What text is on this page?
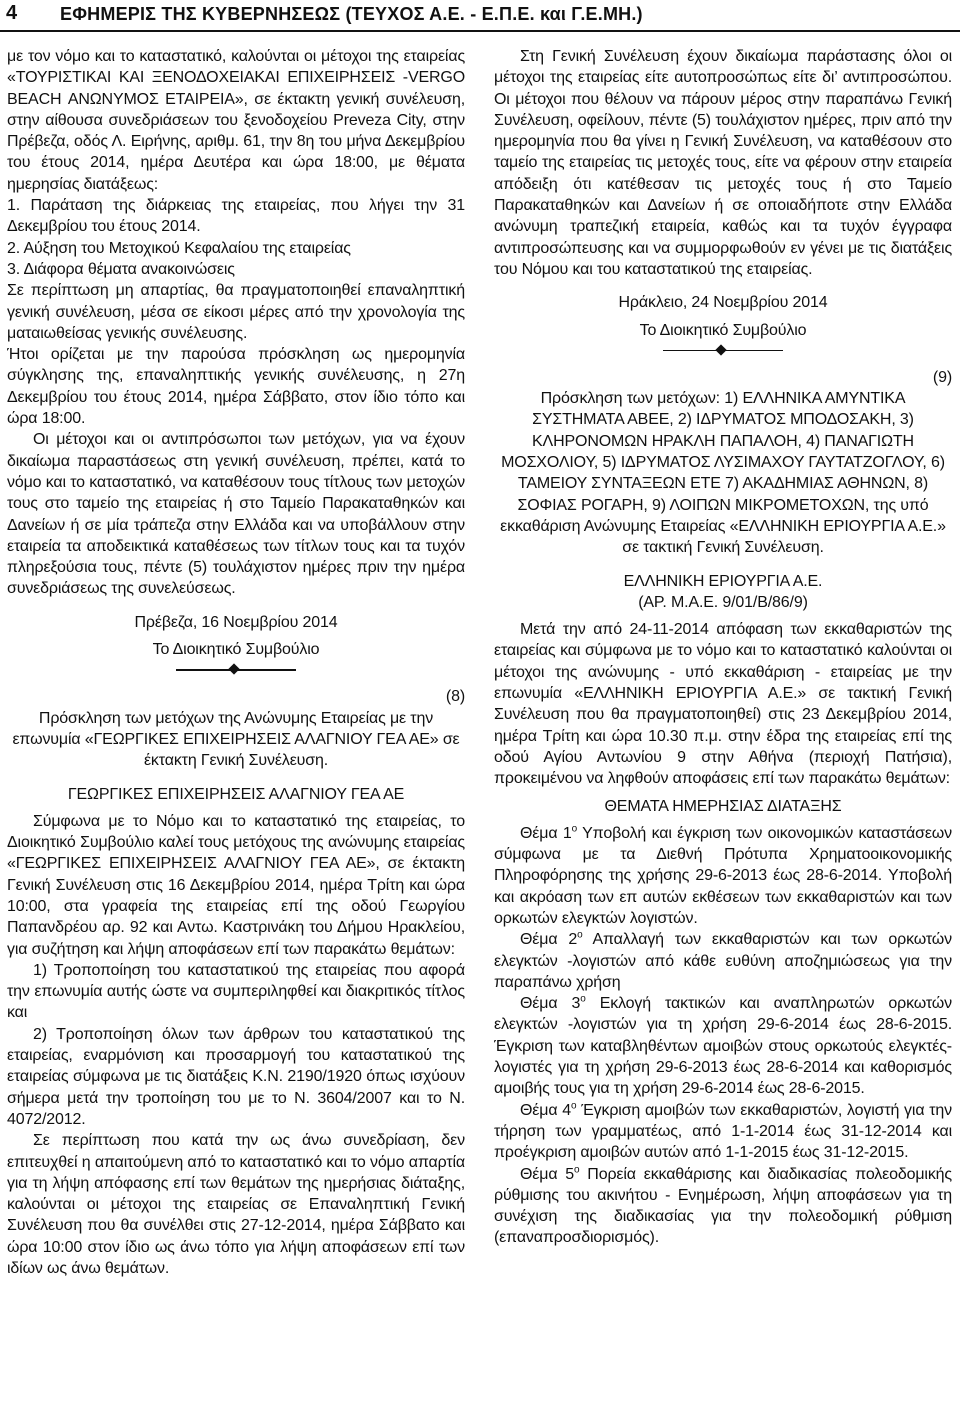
4 ΕΦΗΜΕΡΙΣ ΤΗΣ ΚΥΒΕΡΝΗΣΕΩΣ (ΤΕΥΧΟΣ Α.Ε. - Ε.Π.Ε. και Γ.Ε.ΜΗ.)

με τον νόμο και το καταστατικό, καλούνται οι μέτοχοι της εταιρείας «ΤΟΥΡΙΣΤΙΚΑΙ ΚΑΙ ΞΕΝΟΔΟΧΕΙΑΚΑΙ ΕΠΙΧΕΙΡΗΣΕΙΣ -VERGO BEACH ΑΝΩΝΥΜΟΣ ΕΤΑΙΡΕΙΑ», σε έκτακτη γενική συνέλευση, στην αίθουσα συνεδριάσεων του ξενοδοχείου Preveza City, στην Πρέβεζα, οδός Λ. Ειρήνης, αριθμ. 61, την 8η του μήνα Δεκεμβρίου του έτους 2014, ημέρα Δευτέρα και ώρα 18:00, με θέματα ημερησίας διατάξεως:

1. Παράταση της διάρκειας της εταιρείας, που λήγει την 31 Δεκεμβρίου του έτους 2014.

2. Αύξηση του Μετοχικού Κεφαλαίου της εταιρείας

3. Διάφορα θέματα ανακοινώσεις

Σε περίπτωση μη απαρτίας, θα πραγματοποιηθεί επαναληπτική γενική συνέλευση, μέσα σε είκοσι μέρες από την χρονολογία της ματαιωθείσας γενικής συνέλευσης.

Ήτοι ορίζεται με την παρούσα πρόσκληση ως ημερομηνία σύγκλησης της, επαναληπτικής γενικής συνέλευσης, η 27η Δεκεμβρίου του έτους 2014, ημέρα Σάββατο, στον ίδιο τόπο και ώρα 18:00.

Οι μέτοχοι και οι αντιπρόσωποι των μετόχων, για να έχουν δικαίωμα παραστάσεως στη γενική συνέλευση, πρέπει, κατά το νόμο και το καταστατικό, να καταθέσουν τους τίτλους των μετοχών τους στο ταμείο της εταιρείας ή στο Ταμείο Παρακαταθηκών και Δανείων ή σε μία τράπεζα στην Ελλάδα και να υποβάλλουν στην εταιρεία τα αποδεικτικά καταθέσεως των τίτλων τους και τα τυχόν πληρεξούσια τους, πέντε (5) τουλάχιστον ημέρες πριν την ημέρα συνεδριάσεως της συνελεύσεως.

Πρέβεζα, 16 Νοεμβρίου 2014

Το Διοικητικό Συμβούλιο

(8)

Πρόσκληση των μετόχων της Ανώνυμης Εταιρείας με την επωνυμία «ΓΕΩΡΓΙΚΕΣ ΕΠΙΧΕΙΡΗΣΕΙΣ ΑΛΑΓΝΙΟΥ ΓΕΑ ΑΕ» σε έκτακτη Γενική Συνέλευση.

ΓΕΩΡΓΙΚΕΣ ΕΠΙΧΕΙΡΗΣΕΙΣ ΑΛΑΓΝΙΟΥ ΓΕΑ ΑΕ

Σύμφωνα με το Νόμο και το καταστατικό της εταιρείας, το Διοικητικό Συμβούλιο καλεί τους μετόχους της ανώνυμης εταιρείας «ΓΕΩΡΓΙΚΕΣ ΕΠΙΧΕΙΡΗΣΕΙΣ ΑΛΑΓΝΙΟΥ ΓΕΑ ΑΕ», σε έκτακτη Γενική Συνέλευση στις 16 Δεκεμβρίου 2014, ημέρα Τρίτη και ώρα 10:00, στα γραφεία της εταιρείας επί της οδού Γεωργίου Παπανδρέου αρ. 92 και Αντω. Καστρινάκη του Δήμου Ηρακλείου, για συζήτηση και λήψη αποφάσεων επί των παρακάτω θεμάτων:

1) Τροποποίηση του καταστατικού της εταιρείας που αφορά την επωνυμία αυτής ώστε να συμπεριληφθεί και διακριτικός τίτλος και

2) Τροποποίηση όλων των άρθρων του καταστατικού της εταιρείας, εναρμόνιση και προσαρμογή του καταστατικού της εταιρείας σύμφωνα με τις διατάξεις Κ.Ν. 2190/1920 όπως ισχύουν σήμερα μετά την τροποίηση του με το Ν. 3604/2007 και το Ν. 4072/2012.

Σε περίπτωση που κατά την ως άνω συνεδρίαση, δεν επιτευχθεί η απαιτούμενη από το καταστατικό και το νόμο απαρτία για τη λήψη απόφασης επί των θεμάτων της ημερήσιας διάταξης, καλούνται οι μέτοχοι της εταιρείας σε Επαναληπτική Γενική Συνέλευση που θα συνέλθει στις 27-12-2014, ημέρα Σάββατο και ώρα 10:00 στον ίδιο ως άνω τόπο για λήψη αποφάσεων επί των ιδίων ως άνω θεμάτων.

Στη Γενική Συνέλευση έχουν δικαίωμα παράστασης όλοι οι μέτοχοι της εταιρείας είτε αυτοπροσώπως είτε δι’ αντιπροσώπου. Οι μέτοχοι που θέλουν να πάρουν μέρος στην παραπάνω Γενική Συνέλευση, οφείλουν, πέντε (5) τουλάχιστον ημέρες, πριν από την ημερομηνία που θα γίνει η Γενική Συνέλευση, να καταθέσουν στο ταμείο της εταιρείας τις μετοχές τους, είτε να φέρουν στην εταιρεία απόδειξη ότι κατέθεσαν τις μετοχές τους ή στο Ταμείο Παρακαταθηκών και Δανείων ή σε οποιαδήποτε στην Ελλάδα ανώνυμη τραπεζική εταιρεία, καθώς και τα τυχόν έγγραφα αντιπροσώπευσης και να συμμορφωθούν εν γένει με τις διατάξεις του Νόμου και του καταστατικού της εταιρείας.

Ηράκλειο, 24 Νοεμβρίου 2014

Το Διοικητικό Συμβούλιο

(9)

Πρόσκληση των μετόχων: 1) ΕΛΛΗΝΙΚΑ ΑΜΥΝΤΙΚΑ ΣΥΣΤΗΜΑΤΑ ΑΒΕΕ, 2) ΙΔΡΥΜΑΤΟΣ ΜΠΟΔΟΣΑΚΗ, 3) ΚΛΗΡΟΝΟΜΩΝ ΗΡΑΚΛΗ ΠΑΠΑΛΟΗ, 4) ΠΑΝΑΓΙΩΤΗ ΜΟΣΧΟΛΙΟΥ, 5) ΙΔΡΥΜΑΤΟΣ ΛΥΣΙΜΑΧΟΥ ΓΑΥΤΑΤΖΟΓΛΟΥ, 6) ΤΑΜΕΙΟΥ ΣΥΝΤΑΞΕΩΝ ΕΤΕ 7) ΑΚΑΔΗΜΙΑΣ ΑΘΗΝΩΝ, 8) ΣΟΦΙΑΣ ΡΟΓΑΡΗ, 9) ΛΟΙΠΩΝ ΜΙΚΡΟΜΕΤΟΧΩΝ, της υπό εκκαθάριση Ανώνυμης Εταιρείας «ΕΛΛΗΝΙΚΗ ΕΡΙΟΥΡΓΙΑ Α.Ε.» σε τακτική Γενική Συνέλευση.

ΕΛΛΗΝΙΚΗ ΕΡΙΟΥΡΓΙΑ Α.Ε.

(ΑΡ. Μ.Α.Ε. 9/01/Β/86/9)

Μετά την από 24-11-2014 απόφαση των εκκαθαριστών της εταιρείας και σύμφωνα με το νόμο και το καταστατικό καλούνται οι μέτοχοι της ανώνυμης - υπό εκκαθάριση - εταιρείας με την επωνυμία «ΕΛΛΗΝΙΚΗ ΕΡΙΟΥΡΓΙΑ Α.Ε.» σε τακτική Γενική Συνέλευση που θα πραγματοποιηθεί) στις 23 Δεκεμβρίου 2014, ημέρα Τρίτη και ώρα 10.30 π.μ. στην έδρα της εταιρείας επί της οδού Αγίου Αντωνίου 9 στην Αθήνα (περιοχή Πατήσια), προκειμένου να ληφθούν αποφάσεις επί των παρακάτω θεμάτων:

ΘΕΜΑΤΑ ΗΜΕΡΗΣΙΑΣ ΔΙΑΤΑΞΗΣ

Θέμα $1^o$ Υποβολή και έγκριση των οικονομικών καταστάσεων σύμφωνα με τα Διεθνή Πρότυπα Χρηματοοικονομικής Πληροφόρησης της χρήσης 29-6-2013 έως 28-6-2014. Υποβολή και ακρόαση των επ αυτών εκθέσεων των εκκαθαριστών και των ορκωτών ελεγκτών λογιστών.

Θέμα $2^o$ Απαλλαγή των εκκαθαριστών και των ορκωτών ελεγκτών -λογιστών από κάθε ευθύνη αποζημιώσεως για την παραπάνω χρήση

Θέμα $3^o$ Εκλογή τακτικών και αναπληρωτών ορκωτών ελεγκτών -λογιστών για τη χρήση 29-6-2014 έως 28-6-2015. Έγκριση των καταβληθέντων αμοιβών στους ορκωτούς ελεγκτές-λογιστές για τη χρήση 29-6-2013 έως 28-6-2014 και καθορισμός αμοιβής τους για τη χρήση 29-6-2014 έως 28-6-2015.

Θέμα $4^o$ Έγκριση αμοιβών των εκκαθαριστών, λογιστή για την τήρηση των γραμματέως, από 1-1-2014 έως 31-12-2014 και προέγκριση αμοιβών αυτών από 1-1-2015 έως 31-12-2015.

Θέμα $5^o$ Πορεία εκκαθάρισης και διαδικασίας πολεοδομικής ρύθμισης του ακινήτου - Ενημέρωση, λήψη αποφάσεων για τη συνέχιση της διαδικασίας για την πολεοδομική ρύθμιση (επαναπροσδιορισμός).
